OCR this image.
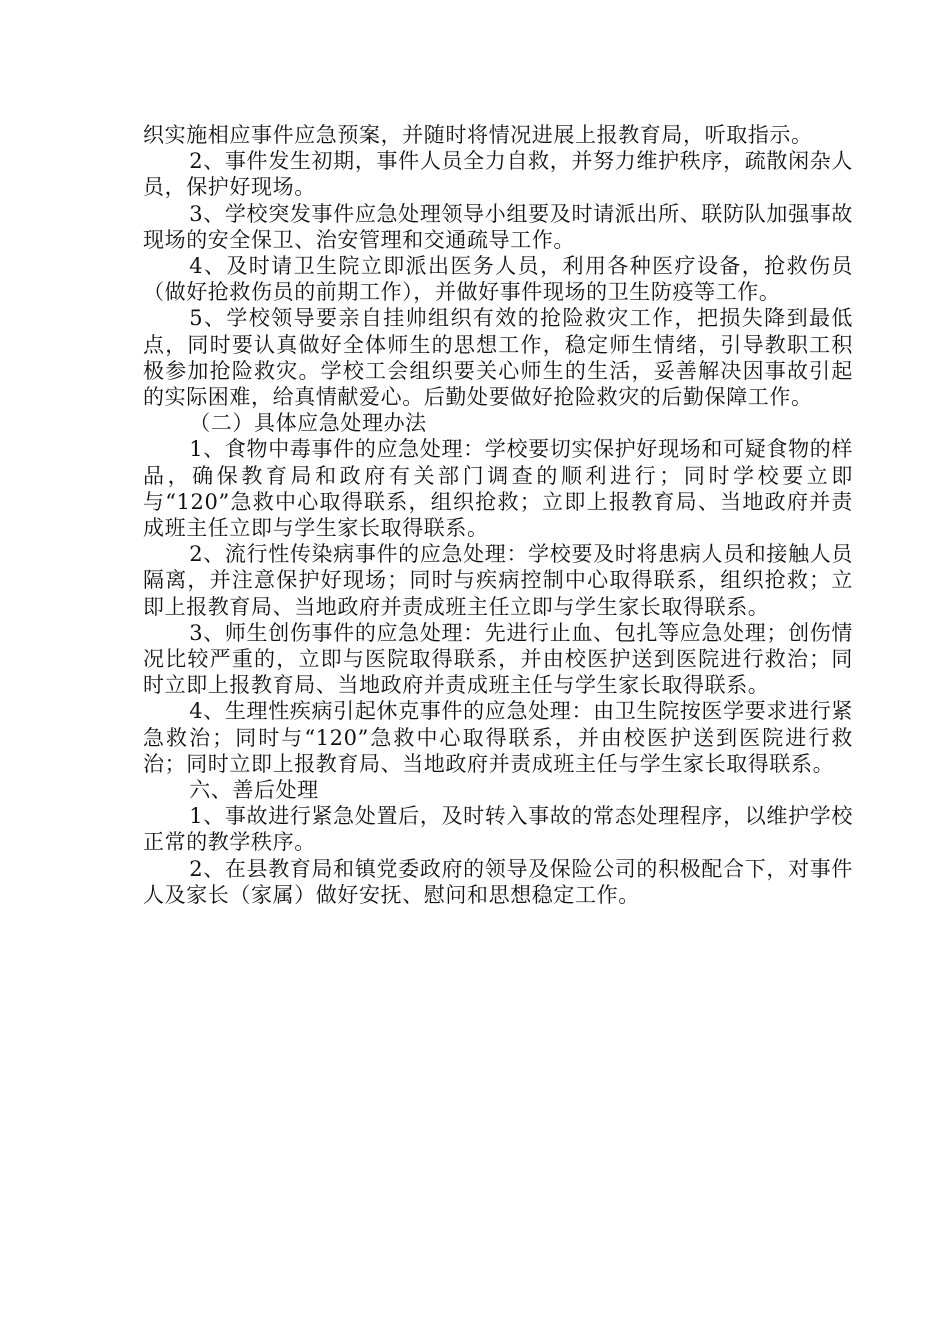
织实施相应事件应急预案，并随时将情况进展上报教育局，听取指示。

2、事件发生初期，事件人员全力自救，并努力维护秩序，疏散闲杂人员，保护好现场。

3、学校突发事件应急处理领导小组要及时请派出所、联防队加强事故现场的安全保卫、治安管理和交通疏导工作。

4、及时请卫生院立即派出医务人员，利用各种医疗设备，抢救伤员（做好抢救伤员的前期工作），并做好事件现场的卫生防疫等工作。

5、学校领导要亲自挂帅组织有效的抢险救灾工作，把损失降到最低点，同时要认真做好全体师生的思想工作，稳定师生情绪，引导教职工积极参加抢险救灾。学校工会组织要关心师生的生活，妥善解决因事故引起的实际困难，给真情献爱心。后勤处要做好抢险救灾的后勤保障工作。

（二）具体应急处理办法

1、食物中毒事件的应急处理：学校要切实保护好现场和可疑食物的样品，确保教育局和政府有关部门调查的顺利进行；同时学校要立即与“120”急救中心取得联系，组织抢救；立即上报教育局、当地政府并责成班主任立即与学生家长取得联系。

2、流行性传染病事件的应急处理：学校要及时将患病人员和接触人员隔离，并注意保护好现场；同时与疾病控制中心取得联系，组织抢救；立即上报教育局、当地政府并责成班主任立即与学生家长取得联系。

3、师生创伤事件的应急处理：先进行止血、包扎等应急处理；创伤情况比较严重的，立即与医院取得联系，并由校医护送到医院进行救治；同时立即上报教育局、当地政府并责成班主任与学生家长取得联系。

4、生理性疾病引起休克事件的应急处理：由卫生院按医学要求进行紧急救治；同时与“120”急救中心取得联系，并由校医护送到医院进行救治；同时立即上报教育局、当地政府并责成班主任与学生家长取得联系。

六、善后处理

1、事故进行紧急处置后，及时转入事故的常态处理程序，以维护学校正常的教学秩序。

2、在县教育局和镇党委政府的领导及保险公司的积极配合下，对事件人及家长（家属）做好安抚、慰问和思想稳定工作。
